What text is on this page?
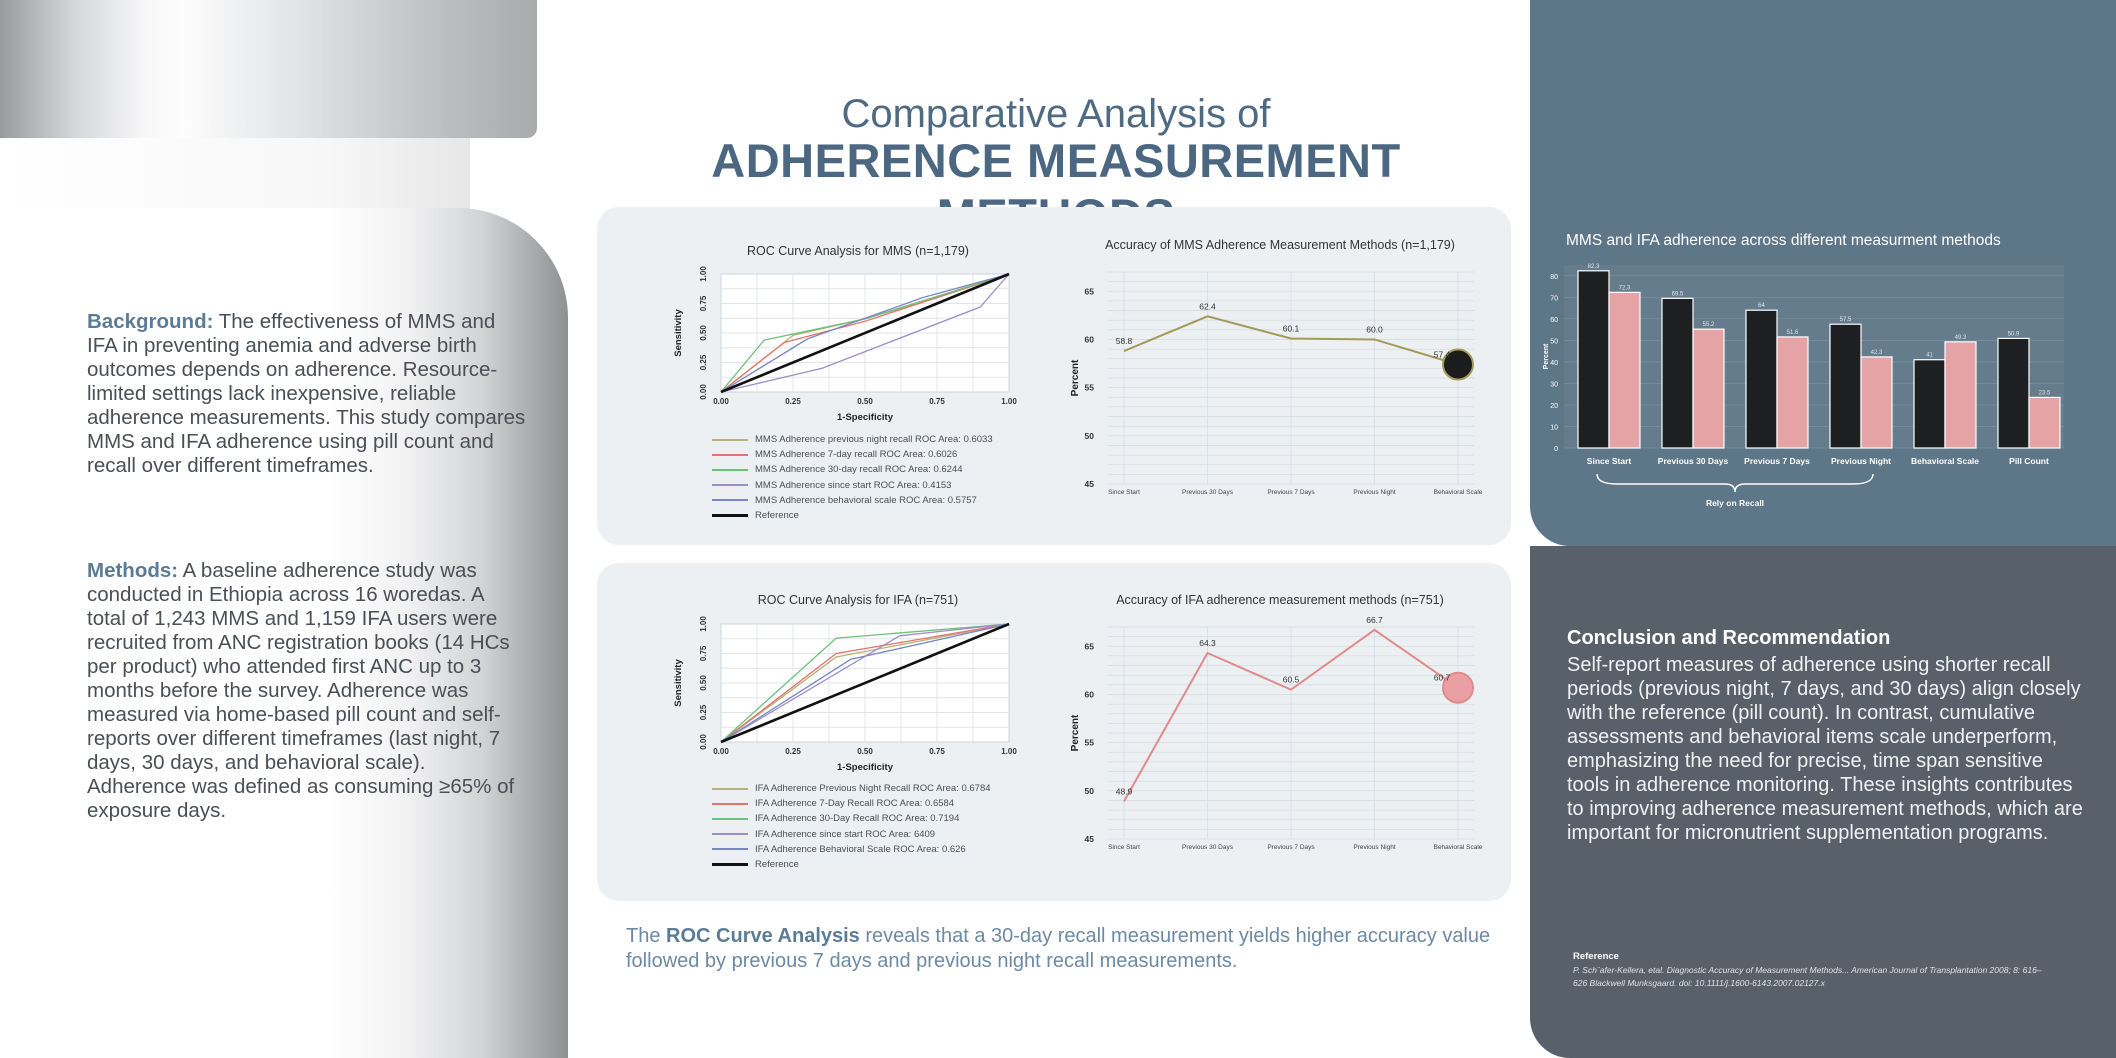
Background: The effectiveness of MMS and IFA in preventing anemia and adverse birth outcomes depends on adherence. Resource-limited settings lack inexpensive, reliable adherence measurements. This study compares MMS and IFA adherence using pill count and recall over different timeframes.
Methods: A baseline adherence study was conducted in Ethiopia across 16 woredas. A total of 1,243 MMS and 1,159 IFA users were recruited from ANC registration books (14 HCs per product) who attended first ANC up to 3 months before the survey. Adherence was measured via home-based pill count and self-reports over different timeframes (last night, 7 days, 30 days, and behavioral scale). Adherence was defined as consuming ≥65% of exposure days.
Comparative Analysis of
ADHERENCE MEASUREMENT
ROC Curve Analysis for MMS (n=1,179)
0.00	0.25	0.50	0.75	1.00
0.00
0.25
0.50
0.75
1.00
1-Specificity
Sensitivity
MMS Adherence previous night recall ROC Area: 0.6033
MMS Adherence 7-day recall ROC Area: 0.6026
MMS Adherence 30-day recall ROC Area: 0.6244
MMS Adherence since start ROC Area: 0.4153
MMS Adherence behavioral scale ROC Area: 0.5757
Reference
Accuracy of MMS Adherence Measurement Methods (n=1,179)
45
50
55
60
65
Since Start	Previous 30 Days	Previous 7 Days	Previous Night	Behavioral Scale
Percent
58.8
62.4
60.1	60.0
57.4
ROC Curve Analysis for IFA (n=751)
0.00	0.25	0.50	0.75	1.00
0.00
0.25
0.50
0.75
1.00
1-Specificity
Sensitivity
IFA Adherence Previous Night Recall ROC Area: 0.6784
IFA Adherence 7-Day Recall ROC Area: 0.6584
IFA Adherence 30-Day Recall ROC Area: 0.7194
IFA Adherence since start ROC Area: 6409
IFA Adherence Behavioral Scale ROC Area: 0.626
Reference
Accuracy of IFA adherence measurement methods (n=751)
45
50
55
60
65
Since Start	Previous 30 Days	Previous 7 Days	Previous Night	Behavioral Scale
Percent
48.9
64.3
60.5
66.7
60.7
The ROC Curve Analysis reveals that a 30-day recall measurement yields higher accuracy value followed by previous 7 days and previous night recall measurements.
MMS and IFA adherence across different measurment methods
0
10
20
30
40
50
60
70
80
Percent
82.3
72.3
Since Start
69.5
55.2
Previous 30 Days
64
51.6
Previous 7 Days
57.5
42.3
Previous Night
41
49.3
Behavioral Scale
50.9
23.5
Pill Count
Rely on Recall
Conclusion and Recommendation
Self-report measures of adherence using shorter recall periods (previous night, 7 days, and 30 days) align closely with the reference (pill count). In contrast, cumulative assessments and behavioral items scale underperform, emphasizing the need for precise, time span sensitive tools in adherence monitoring. These insights contributes to improving adherence measurement methods, which are important for micronutrient supplementation programs.
Reference
P. Sch¨afer-Kellera, etal. Diagnostic Accuracy of Measurement Methods... American Journal of Transplantation 2008; 8: 616–626 Blackwell Munksgaard. doi: 10.1111/j.1600-6143.2007.02127.x
